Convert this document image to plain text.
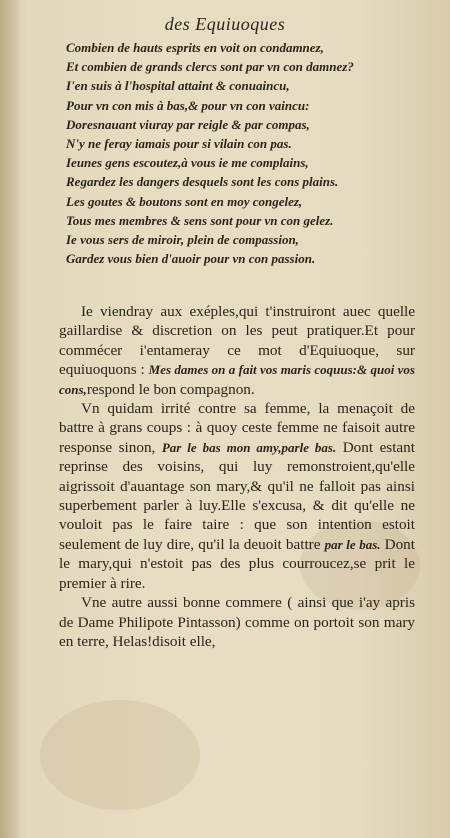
des Equiuoques
Combien de hauts esprits en voit on condamnez,
Et combien de grands clercs sont par vn con damnez?
I'en suis à l'hospital attaint & conuaincu,
Pour vn con mis à bas,& pour vn con vaincu:
Doresnauant viuray par reigle & par compas,
N'y ne feray iamais pour si vilain con pas.
Ieunes gens escoutez,à vous ie me complains,
Regardez les dangers desquels sont les cons plains.
Les goutes & boutons sont en moy congelez,
Tous mes membres & sens sont pour vn con gelez.
Ie vous sers de miroir, plein de compassion,
Gardez vous bien d'auoir pour vn con passion.

Ie viendray aux exéples,qui t'instruiront auec quelle gaillardise & discretion on les peut pratiquer.Et pour commécer i'entameray ce mot d'Equiuoque, sur equiuoquons : Mes dames on a fait vos maris coquus:& quoi vos cons,respond le bon compagnon.

Vn quidam irrité contre sa femme, la menaçoit de battre à grans coups : à quoy ceste femme ne faisoit autre response sinon, Par le bas mon amy,parle bas. Dont estant reprinse des voisins, qui luy remonstroient,qu'elle aigrissoit d'auantage son mary,& qu'il ne falloit pas ainsi superbement parler à luy.Elle s'excusa, & dit qu'elle ne vouloit pas le faire taire : que son intention estoit seulement de luy dire, qu'il la deuoit battre par le bas. Dont le mary,qui n'estoit pas des plus courroucez,se prit le premier à rire.

Vne autre aussi bonne commere ( ainsi que i'ay apris de Dame Philipote Pintasson) comme on portoit son mary en terre, Helas!disoit elle,
